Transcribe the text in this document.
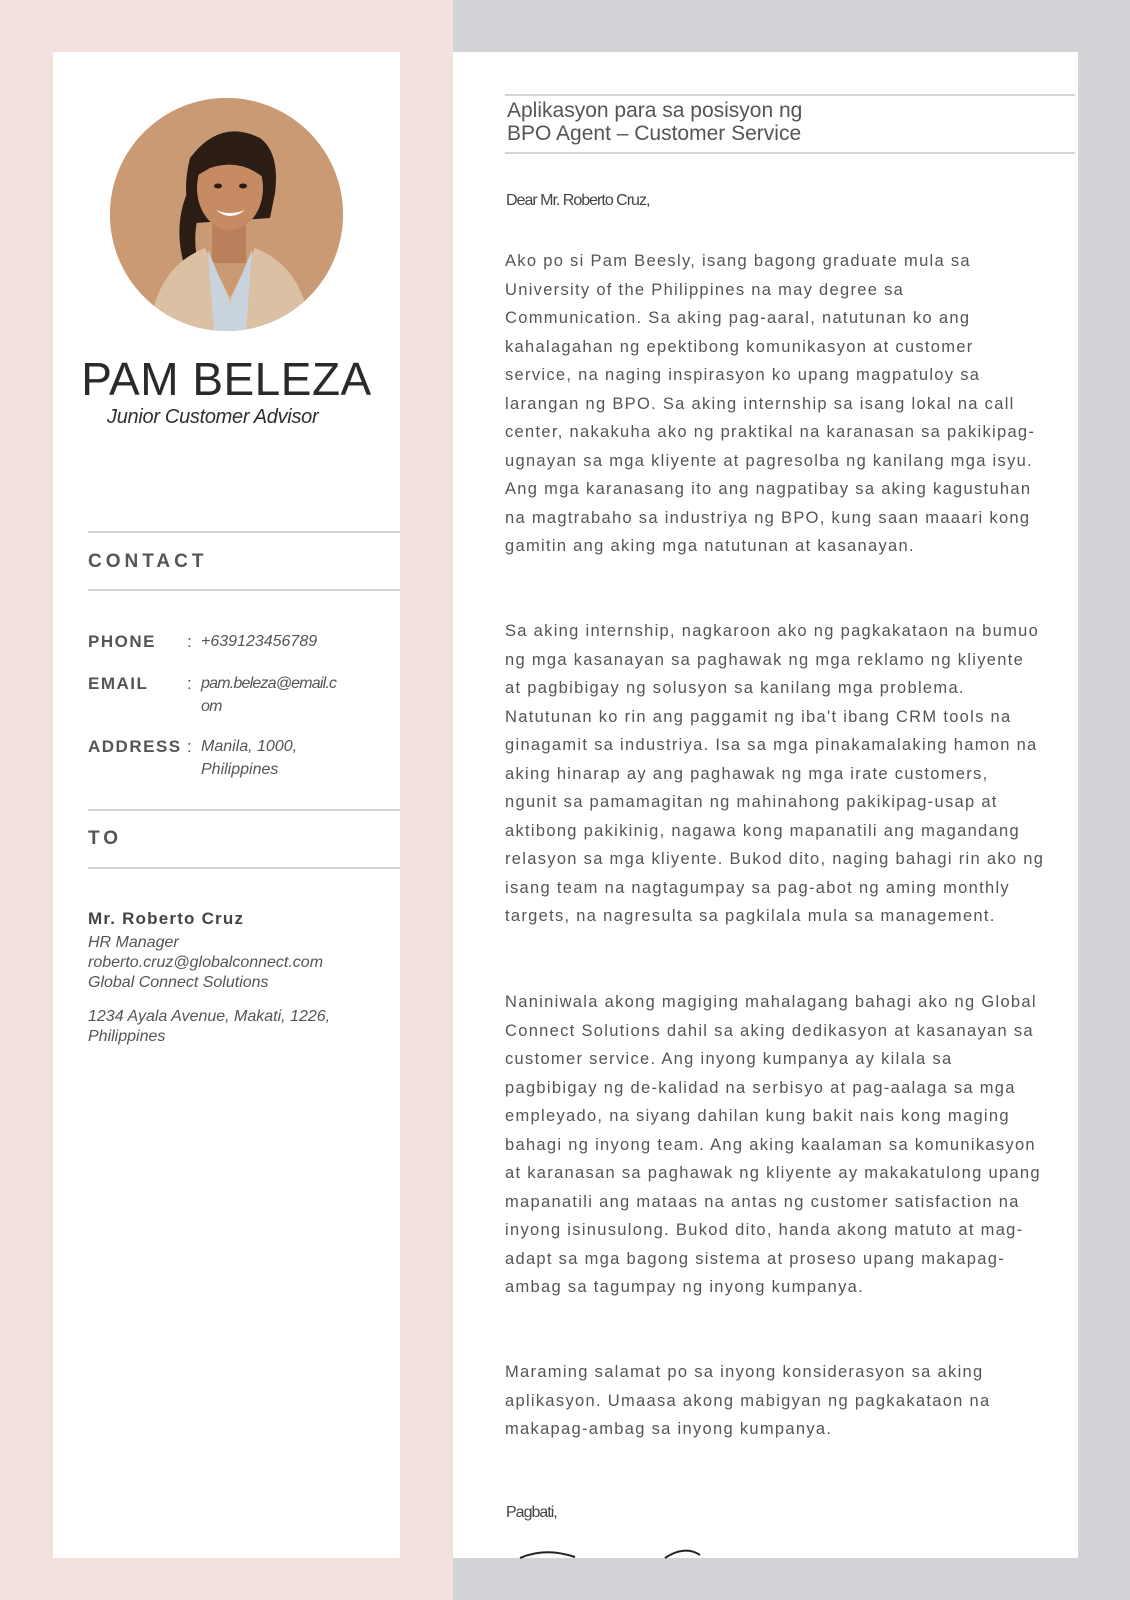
PAM BELEZA
Junior Customer Advisor
CONTACT
PHONE : +639123456789
EMAIL : pam.beleza@email.com
ADDRESS : Manila, 1000, Philippines
TO
Mr. Roberto Cruz
HR Manager
roberto.cruz@globalconnect.com
Global Connect Solutions
1234 Ayala Avenue, Makati, 1226,
Philippines
Aplikasyon para sa posisyon ng
BPO Agent – Customer Service
Dear Mr. Roberto Cruz,

Ako po si Pam Beesly, isang bagong graduate mula sa University of the Philippines na may degree sa Communication. Sa aking pag-aaral, natutunan ko ang kahalagahan ng epektibong komunikasyon at customer service, na naging inspirasyon ko upang magpatuloy sa larangan ng BPO. Sa aking internship sa isang lokal na call center, nakakuha ako ng praktikal na karanasan sa pakikipag-ugnayan sa mga kliyente at pagresolba ng kanilang mga isyu. Ang mga karanasang ito ang nagpatibay sa aking kagustuhan na magtrabaho sa industriya ng BPO, kung saan maaari kong gamitin ang aking mga natutunan at kasanayan.

Sa aking internship, nagkaroon ako ng pagkakataon na bumuo ng mga kasanayan sa paghawak ng mga reklamo ng kliyente at pagbibigay ng solusyon sa kanilang mga problema. Natutunan ko rin ang paggamit ng iba't ibang CRM tools na ginagamit sa industriya. Isa sa mga pinakamalaking hamon na aking hinarap ay ang paghawak ng mga irate customers, ngunit sa pamamagitan ng mahinahong pakikipag-usap at aktibong pakikinig, nagawa kong mapanatili ang magandang relasyon sa mga kliyente. Bukod dito, naging bahagi rin ako ng isang team na nagtagumpay sa pag-abot ng aming monthly targets, na nagresulta sa pagkilala mula sa management.

Naniniwala akong magiging mahalagang bahagi ako ng Global Connect Solutions dahil sa aking dedikasyon at kasanayan sa customer service. Ang inyong kumpanya ay kilala sa pagbibigay ng de-kalidad na serbisyo at pag-aalaga sa mga empleyado, na siyang dahilan kung bakit nais kong maging bahagi ng inyong team. Ang aking kaalaman sa komunikasyon at karanasan sa paghawak ng kliyente ay makakatulong upang mapanatili ang mataas na antas ng customer satisfaction na inyong isinusulong. Bukod dito, handa akong matuto at mag-adapt sa mga bagong sistema at proseso upang makapag-ambag sa tagumpay ng inyong kumpanya.

Maraming salamat po sa inyong konsiderasyon sa aking aplikasyon. Umaasa akong mabigyan ng pagkakataon na makapag-ambag sa inyong kumpanya.

Pagbati,
